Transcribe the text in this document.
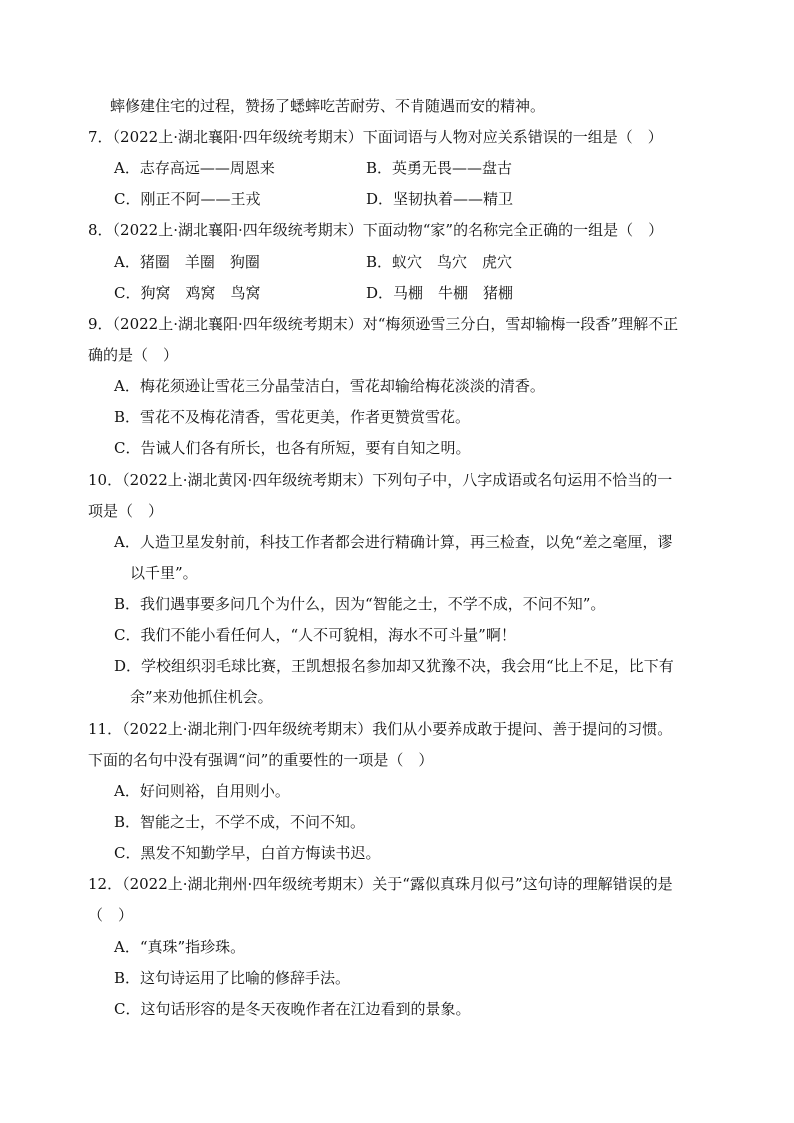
蟀修建住宅的过程，赞扬了蟋蟀吃苦耐劳、不肯随遇而安的精神。
7．（2022上·湖北襄阳·四年级统考期末）下面词语与人物对应关系错误的一组是（　）
A．志存高远——周恩来	B．英勇无畏——盘古
C．刚正不阿——王戎	D．坚韧执着——精卫
8．（2022上·湖北襄阳·四年级统考期末）下面动物“家”的名称完全正确的一组是（　）
A．猪圈　羊圈　狗圈	B．蚁穴　鸟穴　虎穴
C．狗窝　鸡窝　鸟窝	D．马棚　牛棚　猪棚
9．（2022上·湖北襄阳·四年级统考期末）对“梅须逊雪三分白，雪却输梅一段香”理解不正
确的是（　）
A．梅花须逊让雪花三分晶莹洁白，雪花却输给梅花淡淡的清香。
B．雪花不及梅花清香，雪花更美，作者更赞赏雪花。
C．告诫人们各有所长，也各有所短，要有自知之明。
10．（2022上·湖北黄冈·四年级统考期末）下列句子中，八字成语或名句运用不恰当的一
项是（　）
A．人造卫星发射前，科技工作者都会进行精确计算，再三检查，以免“差之毫厘，谬
以千里”。
B．我们遇事要多问几个为什么，因为“智能之士，不学不成，不问不知”。
C．我们不能小看任何人，“人不可貌相，海水不可斗量”啊！
D．学校组织羽毛球比赛，王凯想报名参加却又犹豫不决，我会用“比上不足，比下有
余”来劝他抓住机会。
11．（2022上·湖北荆门·四年级统考期末）我们从小要养成敢于提问、善于提问的习惯。
下面的名句中没有强调“问”的重要性的一项是（　）
A．好问则裕，自用则小。
B．智能之士，不学不成，不问不知。
C．黑发不知勤学早，白首方悔读书迟。
12．（2022上·湖北荆州·四年级统考期末）关于“露似真珠月似弓”这句诗的理解错误的是
（　）
A．“真珠”指珍珠。
B．这句诗运用了比喻的修辞手法。
C．这句话形容的是冬天夜晚作者在江边看到的景象。
